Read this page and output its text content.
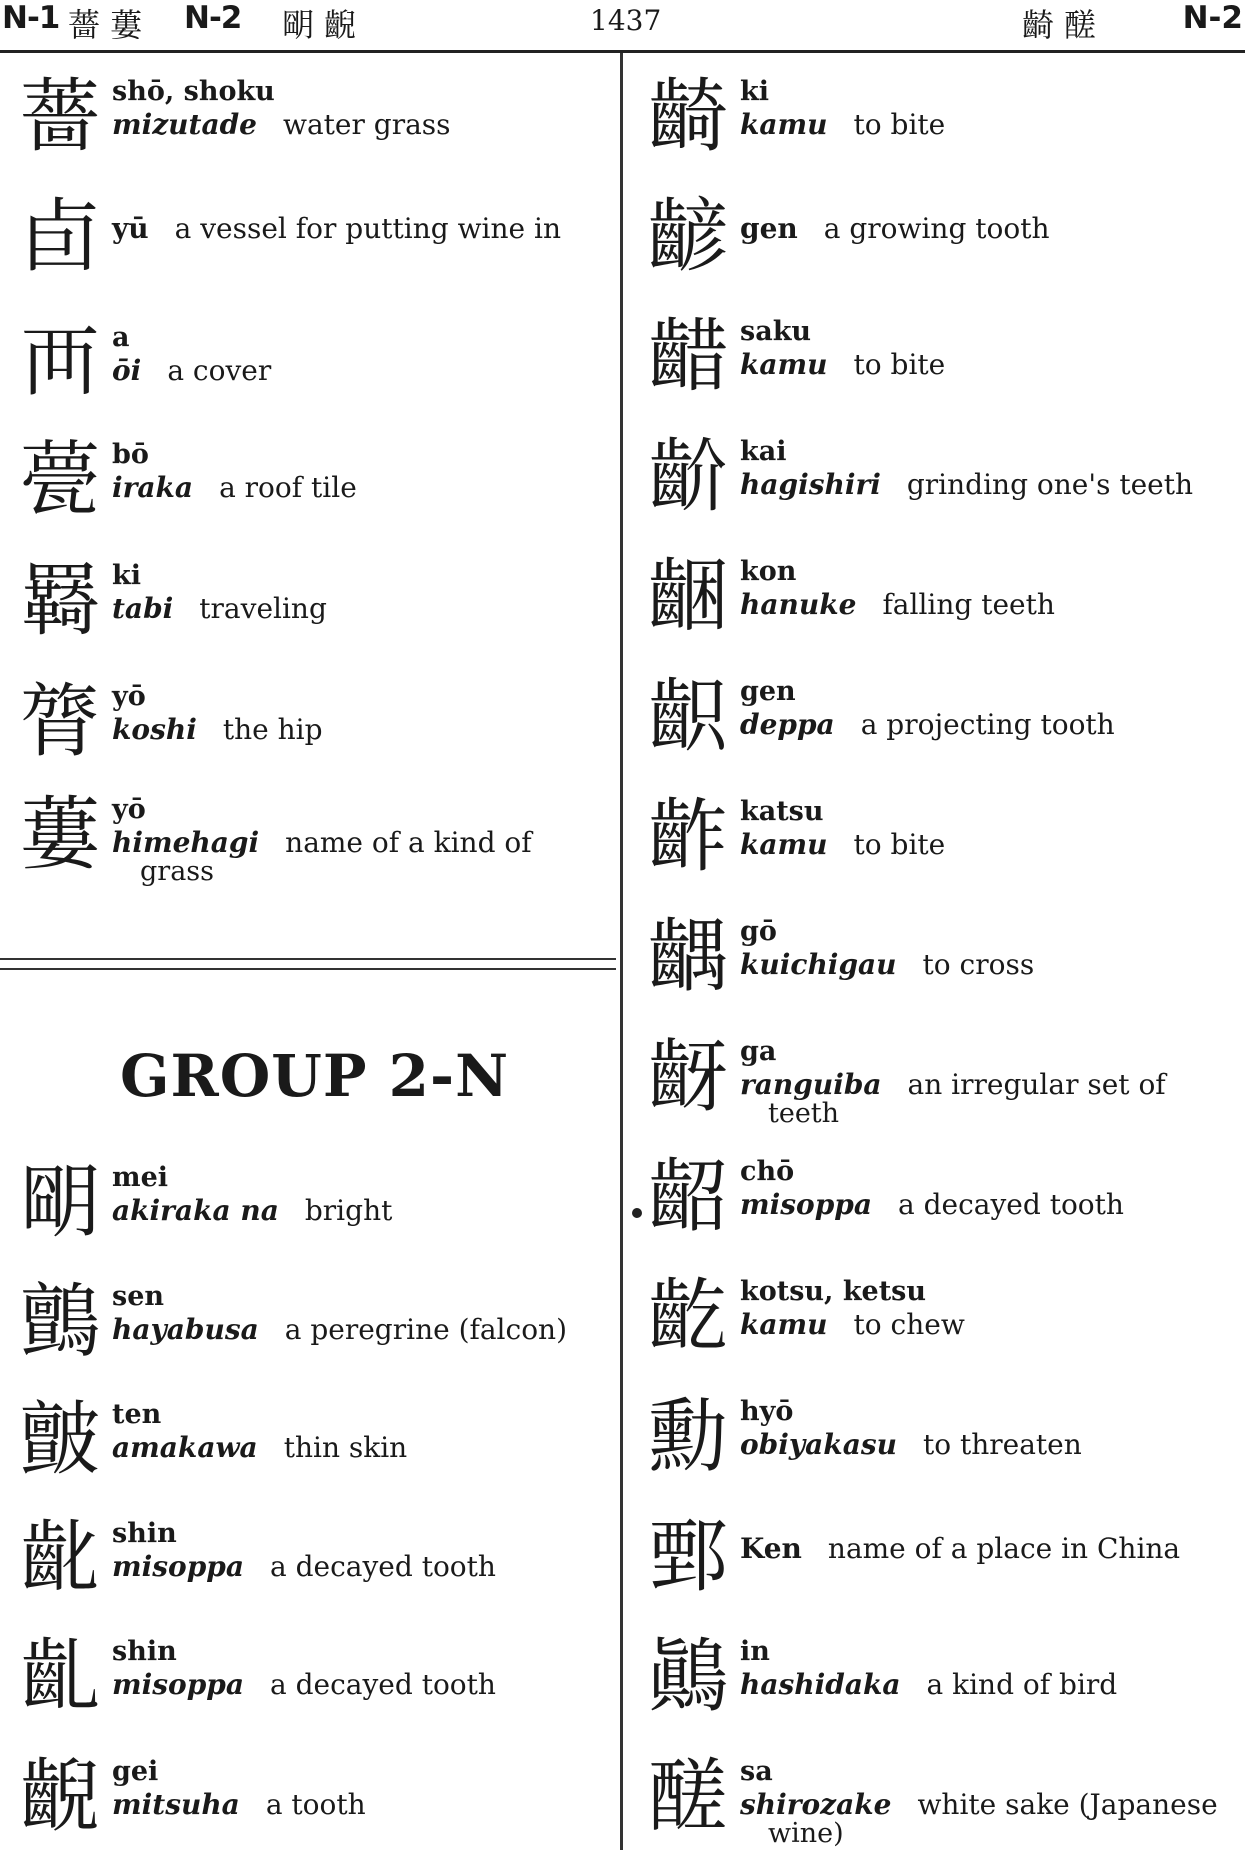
N-1 薔 蔞 N-2 朙 齯	1437	齮 醝	N-2
薔 shō, shoku
mizutade water grass
卣 yū a vessel for putting wine in
襾 a
ōi a cover
甍 bō
iraka a roof tile
羇 ki
tabi traveling
膂 yō
koshi the hip
蔞 yō
himehagi name of a kind of
grass
GROUP 2-N
朙 mei
akiraka na bright
鸇 sen
hayabusa a peregrine (falcon)
皽 ten
amakawa thin skin
齔 shin
misoppa a decayed tooth
齓 shin
misoppa a decayed tooth
齯 gei
mitsuha a tooth
齮 ki
kamu to bite
齴 gen a growing tooth
齰 saku
kamu to bite
齘 kai
hagishiri grinding one's teeth
齫 kon
hanuke falling teeth
齞 gen
deppa a projecting tooth
齚 katsu
kamu to bite
齵 gō
kuichigau to cross
齖 ga
ranguiba an irregular set of
teeth
齠 chō
misoppa a decayed tooth
齕 kotsu, ketsu
kamu to chew
勳 hyō
obiyakasu to threaten
鄄 Ken name of a place in China
鷆 in
hashidaka a kind of bird
醝 sa
shirozake white sake (Japanese
wine)
